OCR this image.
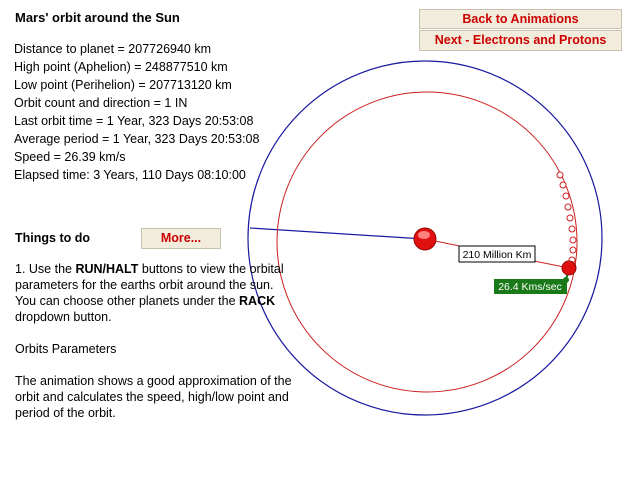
Mars' orbit around the Sun
Distance to planet = 207726940 km
High point (Aphelion) = 248877510 km
Low point (Perihelion) = 207713120 km
Orbit count and direction = 1 IN
Last orbit time = 1 Year, 323 Days 20:53:08
Average period = 1 Year, 323 Days 20:53:08
Speed = 26.39 km/s
Elapsed time: 3 Years, 110 Days 08:10:00
210 Million Km
26.4 Kms/sec
Back to Animations
Next - Electrons and Protons
Things to do	More...

1. Use the RUN/HALT buttons to view the orbital parameters for the earths orbit around the sun. You can choose other planets under the RACK dropdown button.

Orbits Parameters

The animation shows a good approximation of the orbit and calculates the speed, high/low point and period of the orbit.
